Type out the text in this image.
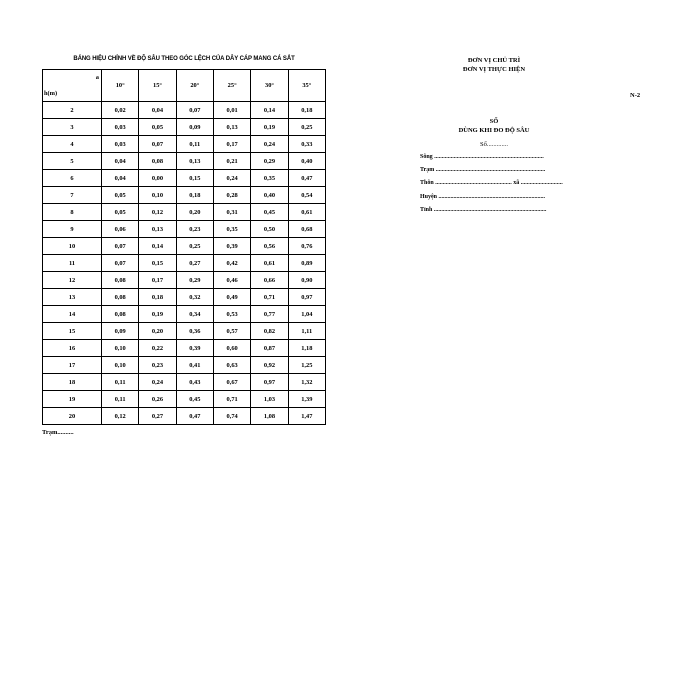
BẢNG HIỆU CHỈNH VỀ ĐỘ SÂU THEO GÓC LỆCH CỦA DÂY CÁP MANG CÁ SẮT
a
h(m)	10°	15°	20°	25°	30°	35°
2	0,02	0,04	0,07	0,01	0,14	0,18
3	0,03	0,05	0,09	0,13	0,19	0,25
4	0,03	0,07	0,11	0,17	0,24	0,33
5	0,04	0,08	0,13	0,21	0,29	0,40
6	0,04	0,00	0,15	0,24	0,35	0,47
7	0,05	0,10	0,18	0,28	0,40	0,54
8	0,05	0,12	0,20	0,31	0,45	0,61
9	0,06	0,13	0,23	0,35	0,50	0,68
10	0,07	0,14	0,25	0,39	0,56	0,76
11	0,07	0,15	0,27	0,42	0,61	0,89
12	0,08	0,17	0,29	0,46	0,66	0,90
13	0,08	0,18	0,32	0,49	0,71	0,97
14	0,08	0,19	0,34	0,53	0,77	1,04
15	0,09	0,20	0,36	0,57	0,82	1,11
16	0,10	0,22	0,39	0,60	0,87	1,18
17	0,10	0,23	0,41	0,63	0,92	1,25
18	0,11	0,24	0,43	0,67	0,97	1,32
19	0,11	0,26	0,45	0,71	1,03	1,39
20	0,12	0,27	0,47	0,74	1,08	1,47
Trạm..........
ĐƠN VỊ CHỦ TRÌ
ĐƠN VỊ THỰC HIỆN
N-2
SỔ
DÙNG KHI ĐO ĐỘ SÂU
Số.............
Sông .........................................................................
Trạm .........................................................................
Thôn ................................................... xã ............................
Huyện .......................................................................
Tỉnh ...........................................................................
